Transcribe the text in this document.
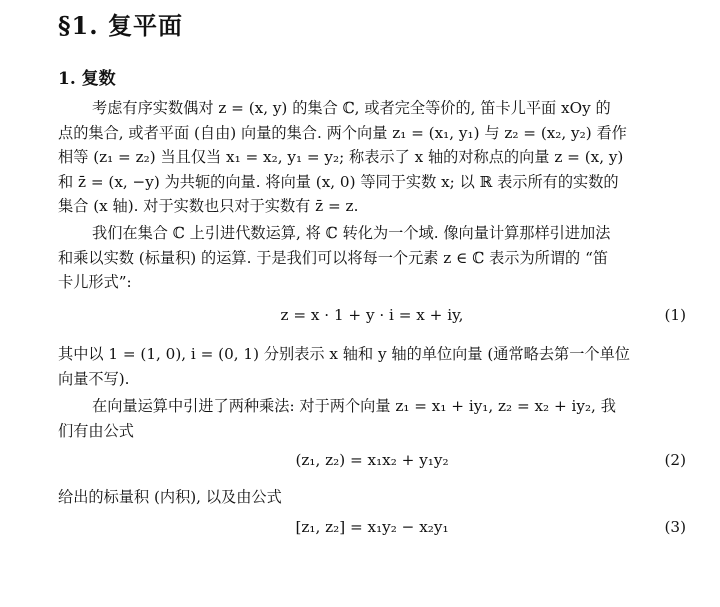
§1. 复平面
1. 复数
考虑有序实数偶对 z = (x, y) 的集合 ℂ, 或者完全等价的, 笛卡儿平面 xOy 的
点的集合, 或者平面 (自由) 向量的集合. 两个向量 z₁ = (x₁, y₁) 与 z₂ = (x₂, y₂) 看作
相等 (z₁ = z₂) 当且仅当 x₁ = x₂, y₁ = y₂; 称表示了 x 轴的对称点的向量 z = (x, y)
和 z̄ = (x, −y) 为共轭的向量. 将向量 (x, 0) 等同于实数 x; 以 ℝ 表示所有的实数的
集合 (x 轴). 对于实数也只对于实数有 z̄ = z.
我们在集合 ℂ 上引进代数运算, 将 ℂ 转化为一个域. 像向量计算那样引进加法
和乘以实数 (标量积) 的运算. 于是我们可以将每一个元素 z ∈ ℂ 表示为所谓的 “笛
卡儿形式”:
z = x · 1 + y · i = x + iy,	(1)
其中以 1 = (1, 0), i = (0, 1) 分别表示 x 轴和 y 轴的单位向量 (通常略去第一个单位
向量不写).
在向量运算中引进了两种乘法: 对于两个向量 z₁ = x₁ + iy₁, z₂ = x₂ + iy₂, 我
们有由公式
(z₁, z₂) = x₁x₂ + y₁y₂	(2)
给出的标量积 (内积), 以及由公式
[z₁, z₂] = x₁y₂ − x₂y₁	(3)
